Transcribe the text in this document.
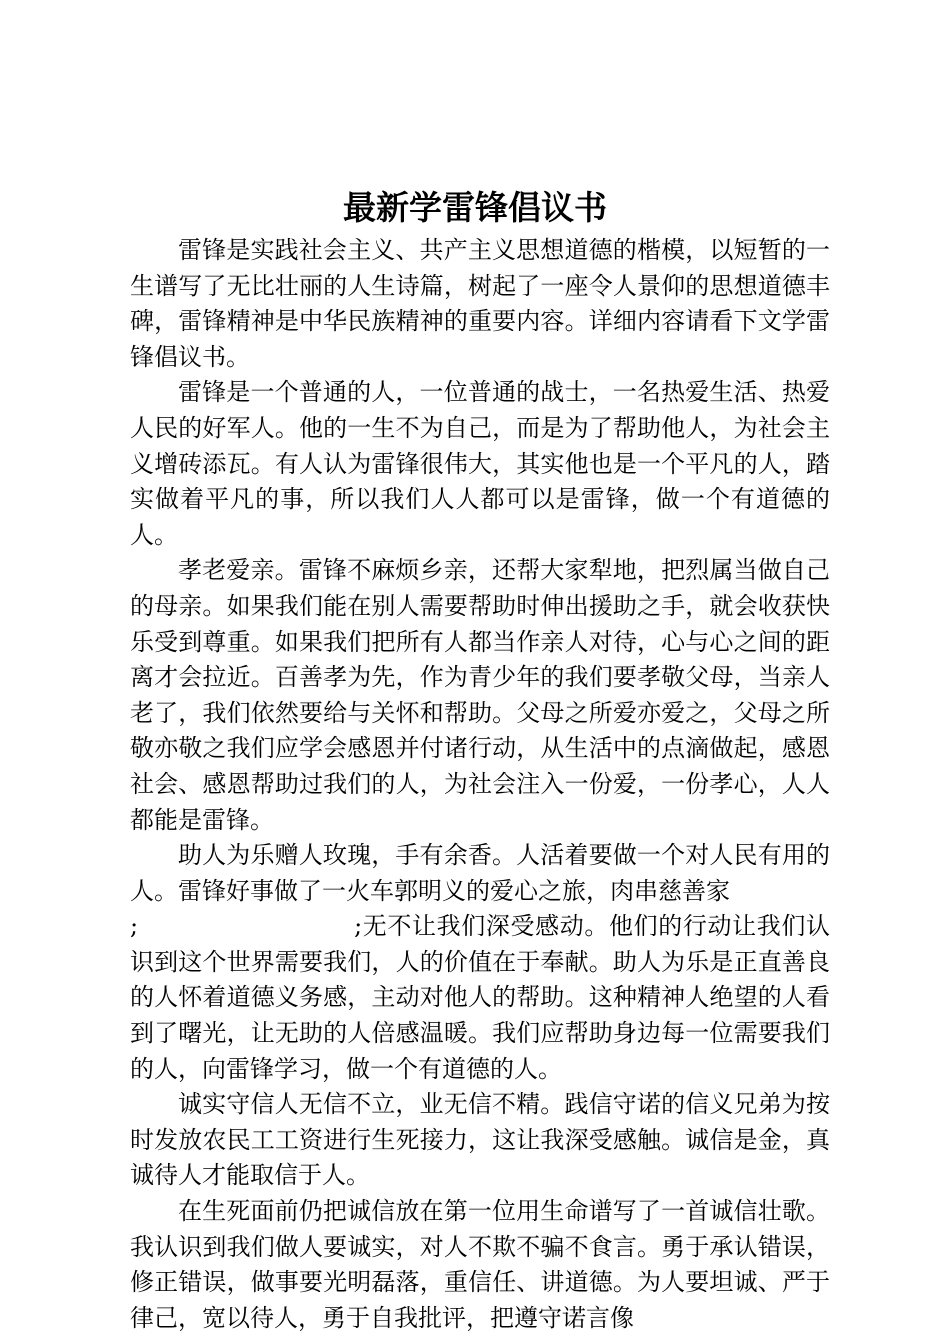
最新学雷锋倡议书

雷锋是实践社会主义、共产主义思想道德的楷模，以短暂的一生谱写了无比壮丽的人生诗篇，树起了一座令人景仰的思想道德丰碑，雷锋精神是中华民族精神的重要内容。详细内容请看下文学雷锋倡议书。

雷锋是一个普通的人，一位普通的战士，一名热爱生活、热爱人民的好军人。他的一生不为自己，而是为了帮助他人，为社会主义增砖添瓦。有人认为雷锋很伟大，其实他也是一个平凡的人，踏实做着平凡的事，所以我们人人都可以是雷锋，做一个有道德的人。

孝老爱亲。雷锋不麻烦乡亲，还帮大家犁地，把烈属当做自己的母亲。如果我们能在别人需要帮助时伸出援助之手，就会收获快乐受到尊重。如果我们把所有人都当作亲人对待，心与心之间的距离才会拉近。百善孝为先，作为青少年的我们要孝敬父母，当亲人老了，我们依然要给与关怀和帮助。父母之所爱亦爱之，父母之所敬亦敬之我们应学会感恩并付诸行动，从生活中的点滴做起，感恩社会、感恩帮助过我们的人，为社会注入一份爱，一份孝心，人人都能是雷锋。

助人为乐赠人玫瑰，手有余香。人活着要做一个对人民有用的人。雷锋好事做了一火车郭明义的爱心之旅，肉串慈善家
;	;无不让我们深受感动。他们的行动让我们认识到这个世界需要我们，人的价值在于奉献。助人为乐是正直善良的人怀着道德义务感，主动对他人的帮助。这种精神人绝望的人看到了曙光，让无助的人倍感温暖。我们应帮助身边每一位需要我们的人，向雷锋学习，做一个有道德的人。

诚实守信人无信不立，业无信不精。践信守诺的信义兄弟为按时发放农民工工资进行生死接力，这让我深受感触。诚信是金，真诚待人才能取信于人。

在生死面前仍把诚信放在第一位用生命谱写了一首诚信壮歌。我认识到我们做人要诚实，对人不欺不骗不食言。勇于承认错误，修正错误，做事要光明磊落，重信任、讲道德。为人要坦诚、严于律己，宽以待人，勇于自我批评，把遵守诺言像
